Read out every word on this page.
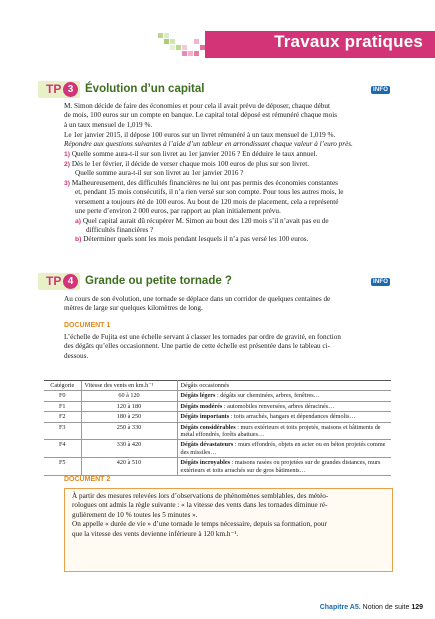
Travaux pratiques
TP 3	Évolution d’un capital	INFO
M. Simon décide de faire des économies et pour cela il avait prévu de déposer, chaque début
de mois, 100 euros sur un compte en banque. Le capital total déposé est rémunéré chaque mois
à un taux mensuel de 1,019 %.
Le 1er janvier 2015, il dépose 100 euros sur un livret rémunéré à un taux mensuel de 1,019 %.
Répondre aux questions suivantes à l’aide d’un tableur en arrondissant chaque valeur à l’euro près.
1) Quelle somme aura-t-il sur son livret au 1er janvier 2016 ? En déduire le taux annuel.
2) Dès le 1er février, il décide de verser chaque mois 100 euros de plus sur son livret.
Quelle somme aura-t-il sur son livret au 1er janvier 2016 ?
3) Malheureusement, des difficultés financières ne lui ont pas permis des économies constantes
et, pendant 15 mois consécutifs, il n’a rien versé sur son compte. Pour tous les autres mois, le
versement a toujours été de 100 euros. Au bout de 120 mois de placement, cela a représenté
une perte d’environ 2 000 euros, par rapport au plan initialement prévu.
a) Quel capital aurait dû récupérer M. Simon au bout des 120 mois s’il n’avait pas eu de
difficultés financières ?
b) Déterminer quels sont les mois pendant lesquels il n’a pas versé les 100 euros.
TP 4	Grande ou petite tornade ?	INFO
Au cours de son évolution, une tornade se déplace dans un corridor de quelques centaines de
mètres de large sur quelques kilomètres de long.
DOCUMENT 1
L’échelle de Fujita est une échelle servant à classer les tornades par ordre de gravité, en fonction
des dégâts qu’elles occasionnent. Une partie de cette échelle est présentée dans le tableau ci-
dessous.
Catégorie	Vitesse des vents en km.h⁻¹	Dégâts occasionnés
F0	60 à 120	Dégâts légers : dégâts sur cheminées, arbres, fenêtres…
F1	120 à 180	Dégâts modérés : automobiles renversées, arbres déracinés…
F2	180 à 250	Dégâts importants : toits arrachés, hangars et dépendances démolis…
F3	250 à 330	Dégâts considérables : murs extérieurs et toits projetés, maisons et bâtiments de métal effondrés, forêts abattues…
F4	330 à 420	Dégâts dévastateurs : murs effondrés, objets en acier ou en béton projetés comme des missiles…
F5	420 à 510	Dégâts incroyables : maisons rasées ou projetées sur de grandes distances, murs extérieurs et toits arrachés sur de gros bâtiments…
DOCUMENT 2
À partir des mesures relevées lors d’observations de phénomènes semblables, des météo-
rologues ont admis la règle suivante : « la vitesse des vents dans les tornades diminue ré-
gulièrement de 10 % toutes les 5 minutes ».
On appelle « durée de vie » d’une tornade le temps nécessaire, depuis sa formation, pour
que la vitesse des vents devienne inférieure à 120 km.h⁻¹.
Chapitre A5. Notion de suite 129
